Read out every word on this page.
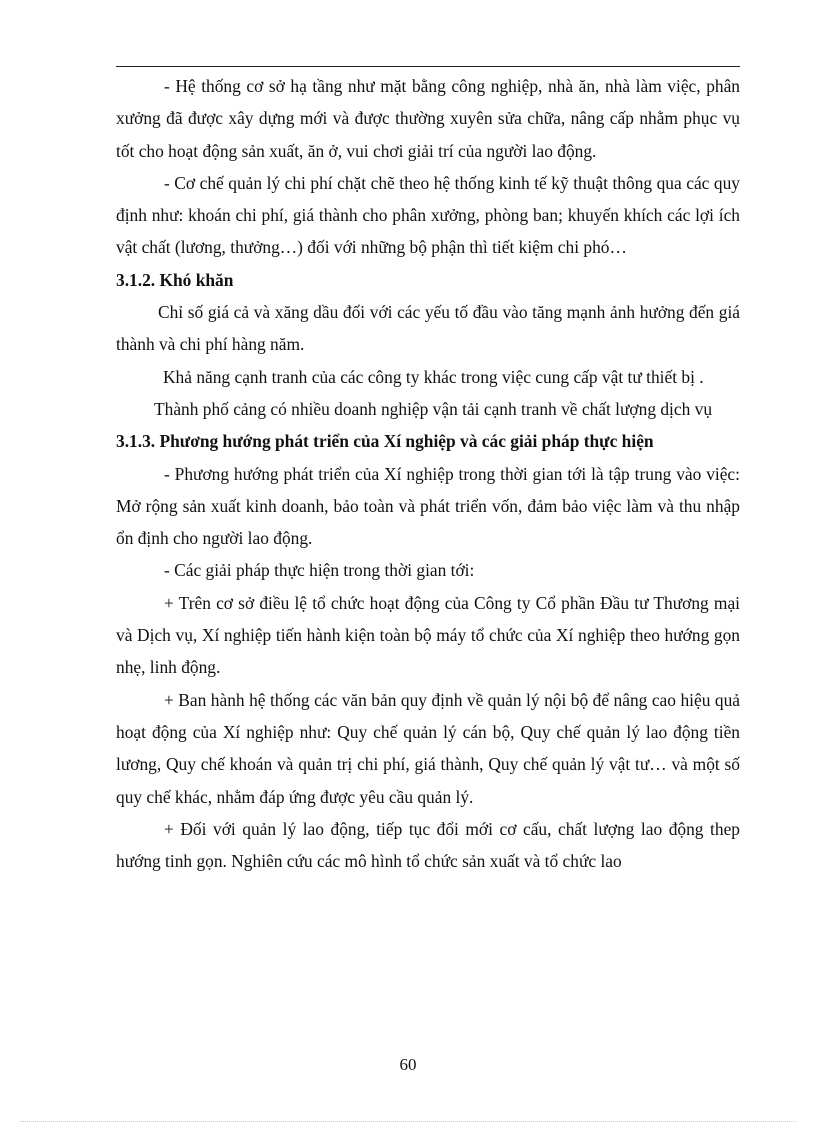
- Hệ thống cơ sở hạ tầng như mặt bằng công nghiệp, nhà ăn, nhà làm việc, phân xưởng đã được xây dựng mới và được thường xuyên sửa chữa, nâng cấp nhằm phục vụ tốt cho hoạt động sản xuất, ăn ở, vui chơi giải trí của người lao động.

- Cơ chế quản lý chi phí chặt chẽ theo hệ thống kinh tế kỹ thuật thông qua các quy định như: khoán chi phí, giá thành cho phân xưởng, phòng ban; khuyến khích các lợi ích vật chất (lương, thưởng…) đối với những bộ phận thì tiết kiệm chi phó…

3.1.2. Khó khăn

Chỉ số giá cả và xăng dầu đối với các yếu tố đầu vào tăng mạnh ảnh hưởng đến giá thành và chi phí hàng năm.

Khả năng cạnh tranh của các công ty khác trong việc cung cấp vật tư thiết bị .

Thành phố cảng có nhiều doanh nghiệp vận tải cạnh tranh về chất lượng dịch vụ

3.1.3. Phương hướng phát triển của Xí nghiệp và các giải pháp thực hiện

- Phương hướng phát triển của Xí nghiệp trong thời gian tới là tập trung vào việc: Mở rộng sản xuất kinh doanh, bảo toàn và phát triển vốn, đảm bảo việc làm và thu nhập ổn định cho người lao động.

- Các giải pháp thực hiện trong thời gian tới:

+ Trên cơ sở điều lệ tổ chức hoạt động của Công ty Cổ phần Đầu tư Thương mại và Dịch vụ, Xí nghiệp tiến hành kiện toàn bộ máy tổ chức của Xí nghiệp theo hướng gọn nhẹ, linh động.

+ Ban hành hệ thống các văn bản quy định về quản lý nội bộ để nâng cao hiệu quả hoạt động của Xí nghiệp như: Quy chế quản lý cán bộ, Quy chế quản lý lao động tiền lương, Quy chế khoán và quản trị chi phí, giá thành, Quy chế quản lý vật tư… và một số quy chế khác, nhằm đáp ứng được yêu cầu quản lý.

+ Đối với quản lý lao động, tiếp tục đổi mới cơ cấu, chất lượng lao động thep hướng tinh gọn. Nghiên cứu các mô hình tổ chức sản xuất và tổ chức lao

60
